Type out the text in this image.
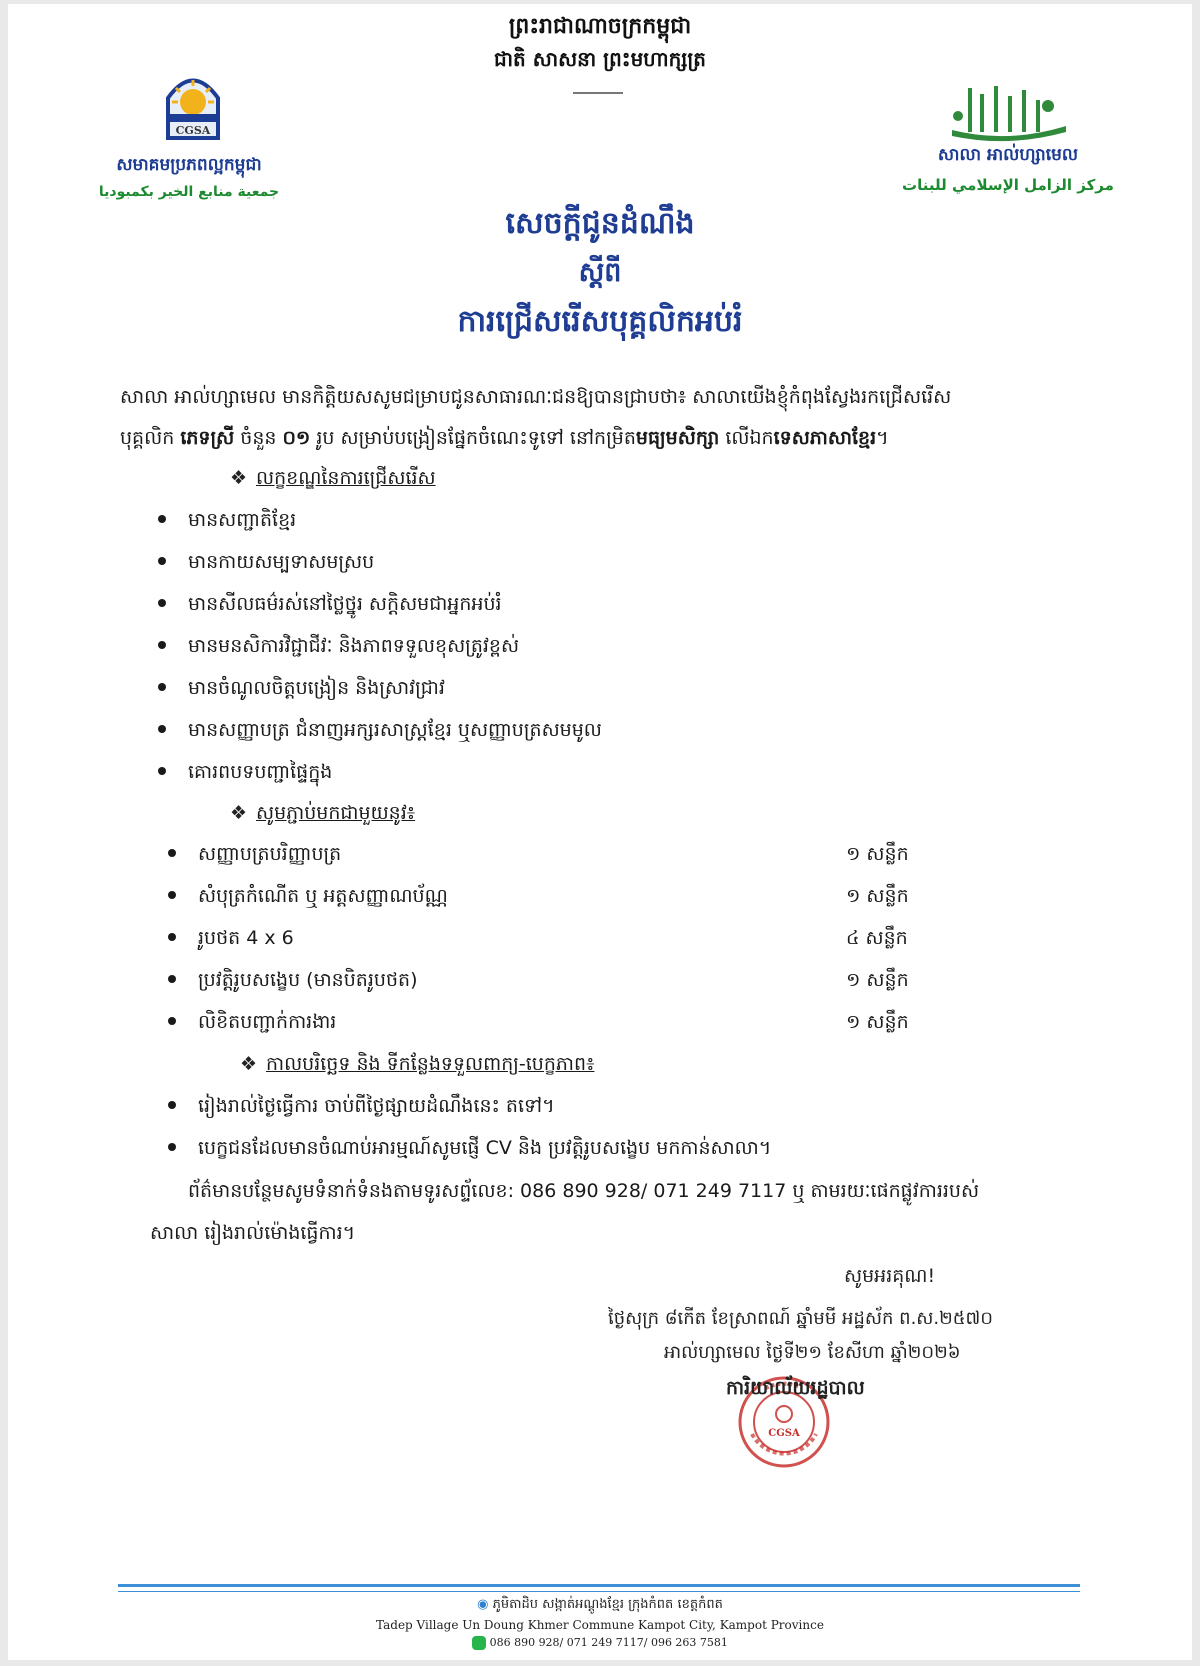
ព្រះរាជាណាចក្រកម្ពុជា
ជាតិ សាសនា ព្រះមហាក្សត្រ
CGSA
សមាគមប្រភពល្អកម្ពុជា
جمعية منابع الخير بكمبوديا
សាលា អាល់ហ្សាមេល
مركز الزامل الإسلامي للبنات
សេចក្តីជូនដំណឹង
ស្តីពី
ការជ្រើសរើសបុគ្គលិកអប់រំ
សាលា អាល់ហ្សាមេល មានកិត្តិយសសូមជម្រាបជូនសាធារណៈជនឱ្យបានជ្រាបថា៖ សាលាយើងខ្ញុំកំពុងស្វែងរកជ្រើសរើស
បុគ្គលិក ភេទស្រី ចំនួន ០១ រូប សម្រាប់បង្រៀនផ្នែកចំណេះទូទៅ នៅកម្រិតមធ្យមសិក្សា លើឯកទេសភាសាខ្មែរ។
❖ លក្ខខណ្ឌនៃការជ្រើសរើស
មានសញ្ជាតិខ្មែរ
មានកាយសម្បទាសមស្រប
មានសីលធម៌រស់នៅថ្លៃថ្នូរ សក្តិសមជាអ្នកអប់រំ
មានមនសិការវិជ្ជាជីវៈ និងភាពទទួលខុសត្រូវខ្ពស់
មានចំណូលចិត្តបង្រៀន និងស្រាវជ្រាវ
មានសញ្ញាបត្រ ជំនាញអក្សរសាស្ត្រខ្មែរ ឬសញ្ញាបត្រសមមូល
គោរពបទបញ្ជាផ្ទៃក្នុង
❖ សូមភ្ជាប់មកជាមួយនូវ៖
សញ្ញាបត្របរិញ្ញាបត្រ	១ សន្លឹក
សំបុត្រកំណើត ឬ អត្តសញ្ញាណប័ណ្ណ	១ សន្លឹក
រូបថត 4 x 6	៤ សន្លឹក
ប្រវត្តិរូបសង្ខេប (មានបិតរូបថត)	១ សន្លឹក
លិខិតបញ្ជាក់ការងារ	១ សន្លឹក
❖ កាលបរិច្ឆេទ និង ទីកន្លែងទទួលពាក្យ-បេក្ខភាព៖
រៀងរាល់ថ្ងៃធ្វើការ ចាប់ពីថ្ងៃផ្សាយដំណឹងនេះ តទៅ។
បេក្ខជនដែលមានចំណាប់អារម្មណ៍សូមផ្ញើ CV និង ប្រវត្តិរូបសង្ខេប មកកាន់សាលា។
ព័ត៌មានបន្ថែមសូមទំនាក់ទំនងតាមទូរសព្ទ័លេខ: 086 890 928/ 071 249 7117 ឬ តាមរយៈផេកផ្លូវការរបស់
សាលា រៀងរាល់ម៉ោងធ្វើការ។
សូមអរគុណ!
ថ្ងៃសុក្រ ៨កើត ខែស្រាពណ៍ ឆ្នាំមមី អដ្ឋស័ក ព.ស.២៥៧០
អាល់ហ្សាមេល ថ្ងៃទី២១ ខែសីហា ឆ្នាំ២០២៦
CGSA
ការិយាល័យរដ្ឋបាល
◉ ភូមិតាដិប សង្កាត់អណ្តូងខ្មែរ ក្រុងកំពត ខេត្តកំពត
Tadep Village Un Doung Khmer Commune Kampot City, Kampot Province
086 890 928/ 071 249 7117/ 096 263 7581
